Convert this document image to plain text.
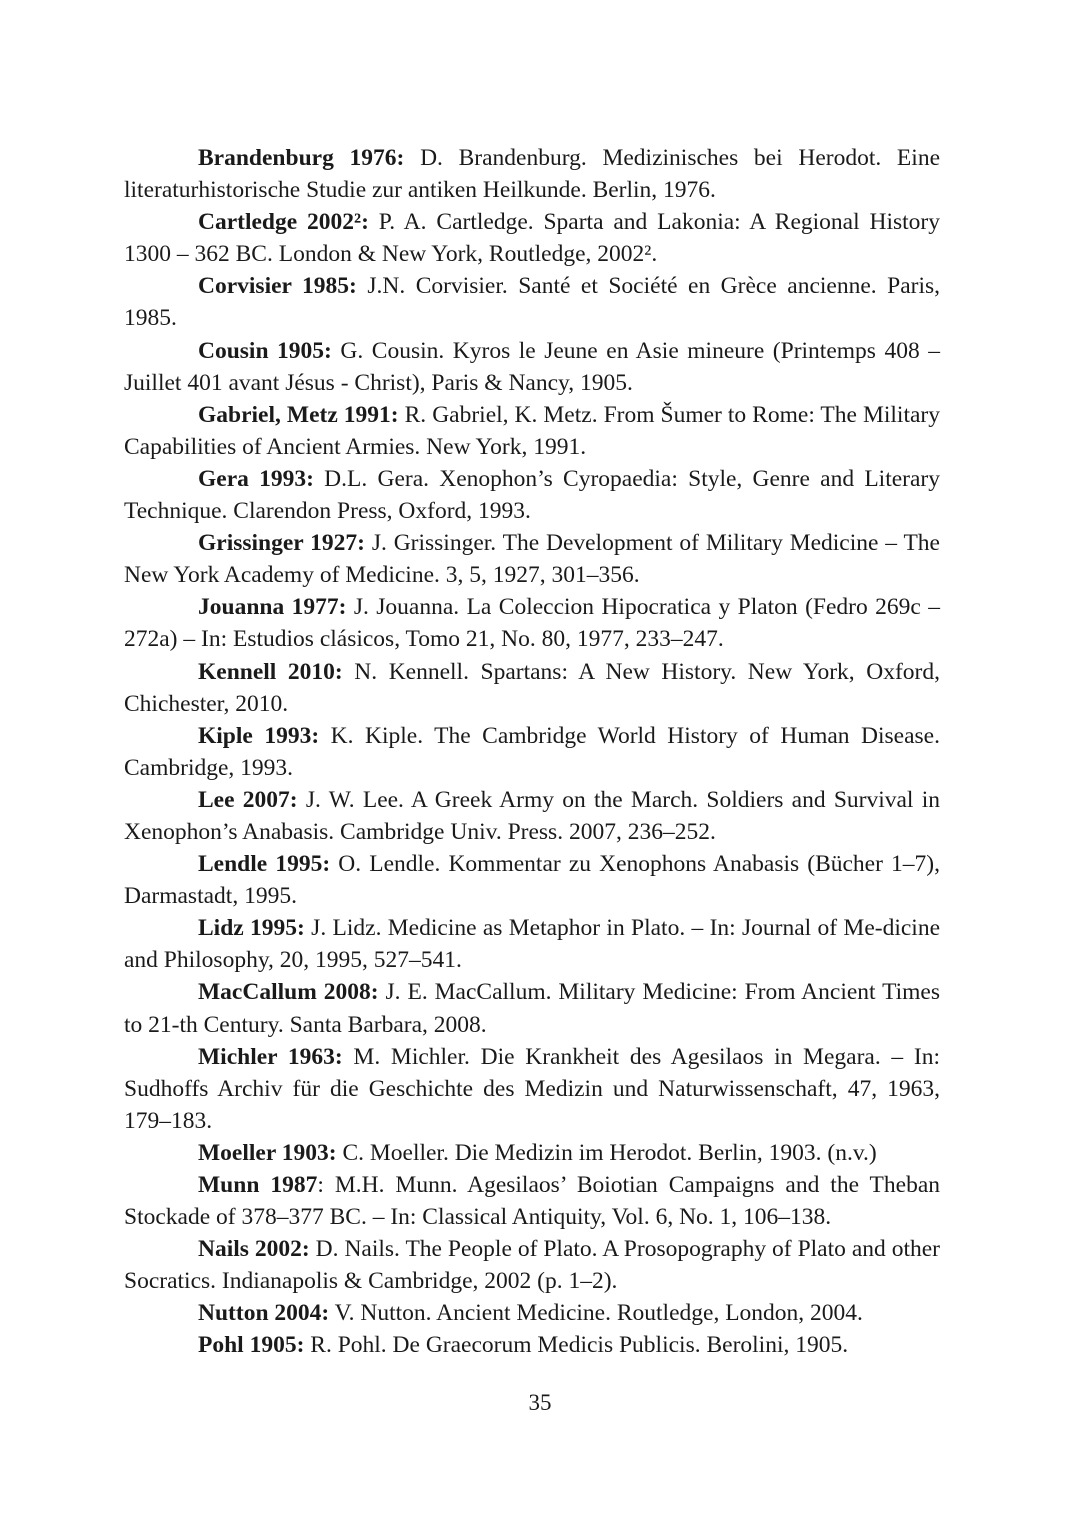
Brandenburg 1976: D. Brandenburg. Medizinisches bei Herodot. Eine literaturhistorische Studie zur antiken Heilkunde. Berlin, 1976.

Cartledge 2002²: P. A. Cartledge. Sparta and Lakonia: A Regional History 1300 – 362 BC. London & New York, Routledge, 2002².

Corvisier 1985: J.N. Corvisier. Santé et Société en Grèce ancienne. Paris, 1985.

Cousin 1905: G. Cousin. Kyros le Jeune en Asie mineure (Printemps 408 – Juillet 401 avant Jésus - Christ), Paris & Nancy, 1905.

Gabriel, Metz 1991: R. Gabriel, K. Metz. From Šumer to Rome: The Military Capabilities of Ancient Armies. New York, 1991.

Gera 1993: D.L. Gera. Xenophon’s Cyropaedia: Style, Genre and Literary Technique. Clarendon Press, Oxford, 1993.

Grissinger 1927: J. Grissinger. The Development of Military Medicine – The New York Academy of Medicine. 3, 5, 1927, 301–356.

Jouanna 1977: J. Jouanna. La Coleccion Hipocratica y Platon (Fedro 269c – 272a) – In: Estudios clásicos, Tomo 21, No. 80, 1977, 233–247.

Kennell 2010: N. Kennell. Spartans: A New History. New York, Oxford, Chichester, 2010.

Kiple 1993: K. Kiple. The Cambridge World History of Human Disease. Cambridge, 1993.

Lee 2007: J. W. Lee. A Greek Army on the March. Soldiers and Survival in Xenophon’s Anabasis. Cambridge Univ. Press. 2007, 236–252.

Lendle 1995: O. Lendle. Kommentar zu Xenophons Anabasis (Bücher 1–7), Darmastadt, 1995.

Lidz 1995: J. Lidz. Medicine as Metaphor in Plato. – In: Journal of Me-dicine and Philosophy, 20, 1995, 527–541.

MacCallum 2008: J. E. MacCallum. Military Medicine: From Ancient Times to 21-th Century. Santa Barbara, 2008.

Michler 1963: M. Michler. Die Krankheit des Agesilaos in Megara. – In: Sudhoffs Archiv für die Geschichte des Medizin und Naturwissenschaft, 47, 1963, 179–183.

Moeller 1903: C. Moeller. Die Medizin im Herodot. Berlin, 1903. (n.v.)

Munn 1987: M.H. Munn. Agesilaos’ Boiotian Campaigns and the Theban Stockade of 378–377 BC. – In: Classical Antiquity, Vol. 6, No. 1, 106–138.

Nails 2002: D. Nails. The People of Plato. A Prosopography of Plato and other Socratics. Indianapolis & Cambridge, 2002 (p. 1–2).

Nutton 2004: V. Nutton. Ancient Medicine. Routledge, London, 2004.

Pohl 1905: R. Pohl. De Graecorum Medicis Publicis. Berolini, 1905.

35
